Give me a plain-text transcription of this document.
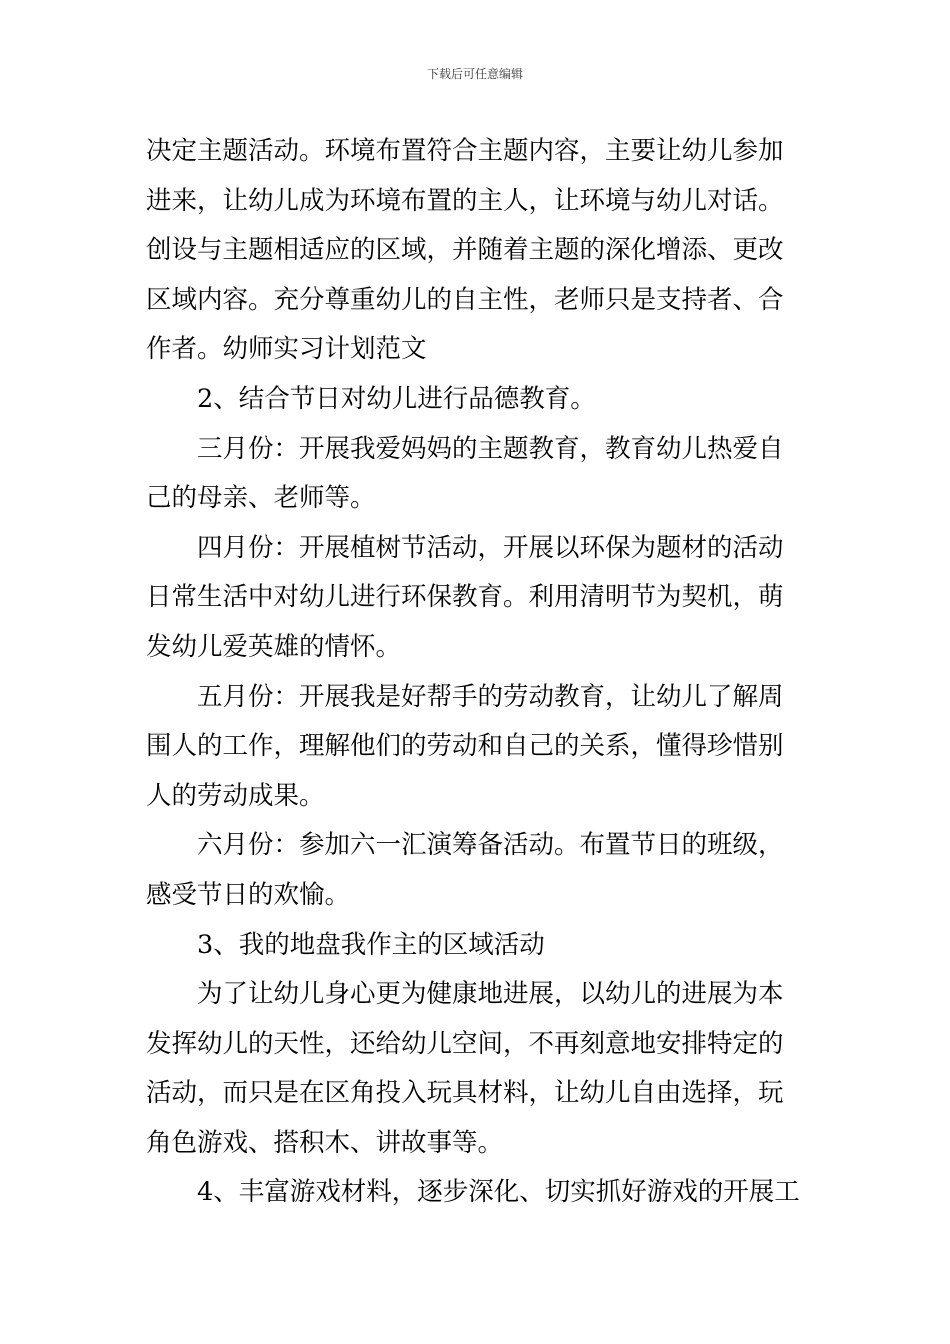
下载后可任意编辑
决定主题活动。环境布置符合主题内容，主要让幼儿参加
进来，让幼儿成为环境布置的主人，让环境与幼儿对话。
创设与主题相适应的区域，并随着主题的深化增添、更改
区域内容。充分尊重幼儿的自主性，老师只是支持者、合
作者。幼师实习计划范文
2、结合节日对幼儿进行品德教育。
三月份：开展我爱妈妈的主题教育，教育幼儿热爱自
己的母亲、老师等。
四月份：开展植树节活动，开展以环保为题材的活动
日常生活中对幼儿进行环保教育。利用清明节为契机，萌
发幼儿爱英雄的情怀。
五月份：开展我是好帮手的劳动教育，让幼儿了解周
围人的工作，理解他们的劳动和自己的关系，懂得珍惜别
人的劳动成果。
六月份：参加六一汇演筹备活动。布置节日的班级，
感受节日的欢愉。
3、我的地盘我作主的区域活动
为了让幼儿身心更为健康地进展，以幼儿的进展为本
发挥幼儿的天性，还给幼儿空间，不再刻意地安排特定的
活动，而只是在区角投入玩具材料，让幼儿自由选择，玩
角色游戏、搭积木、讲故事等。
4、丰富游戏材料，逐步深化、切实抓好游戏的开展工
